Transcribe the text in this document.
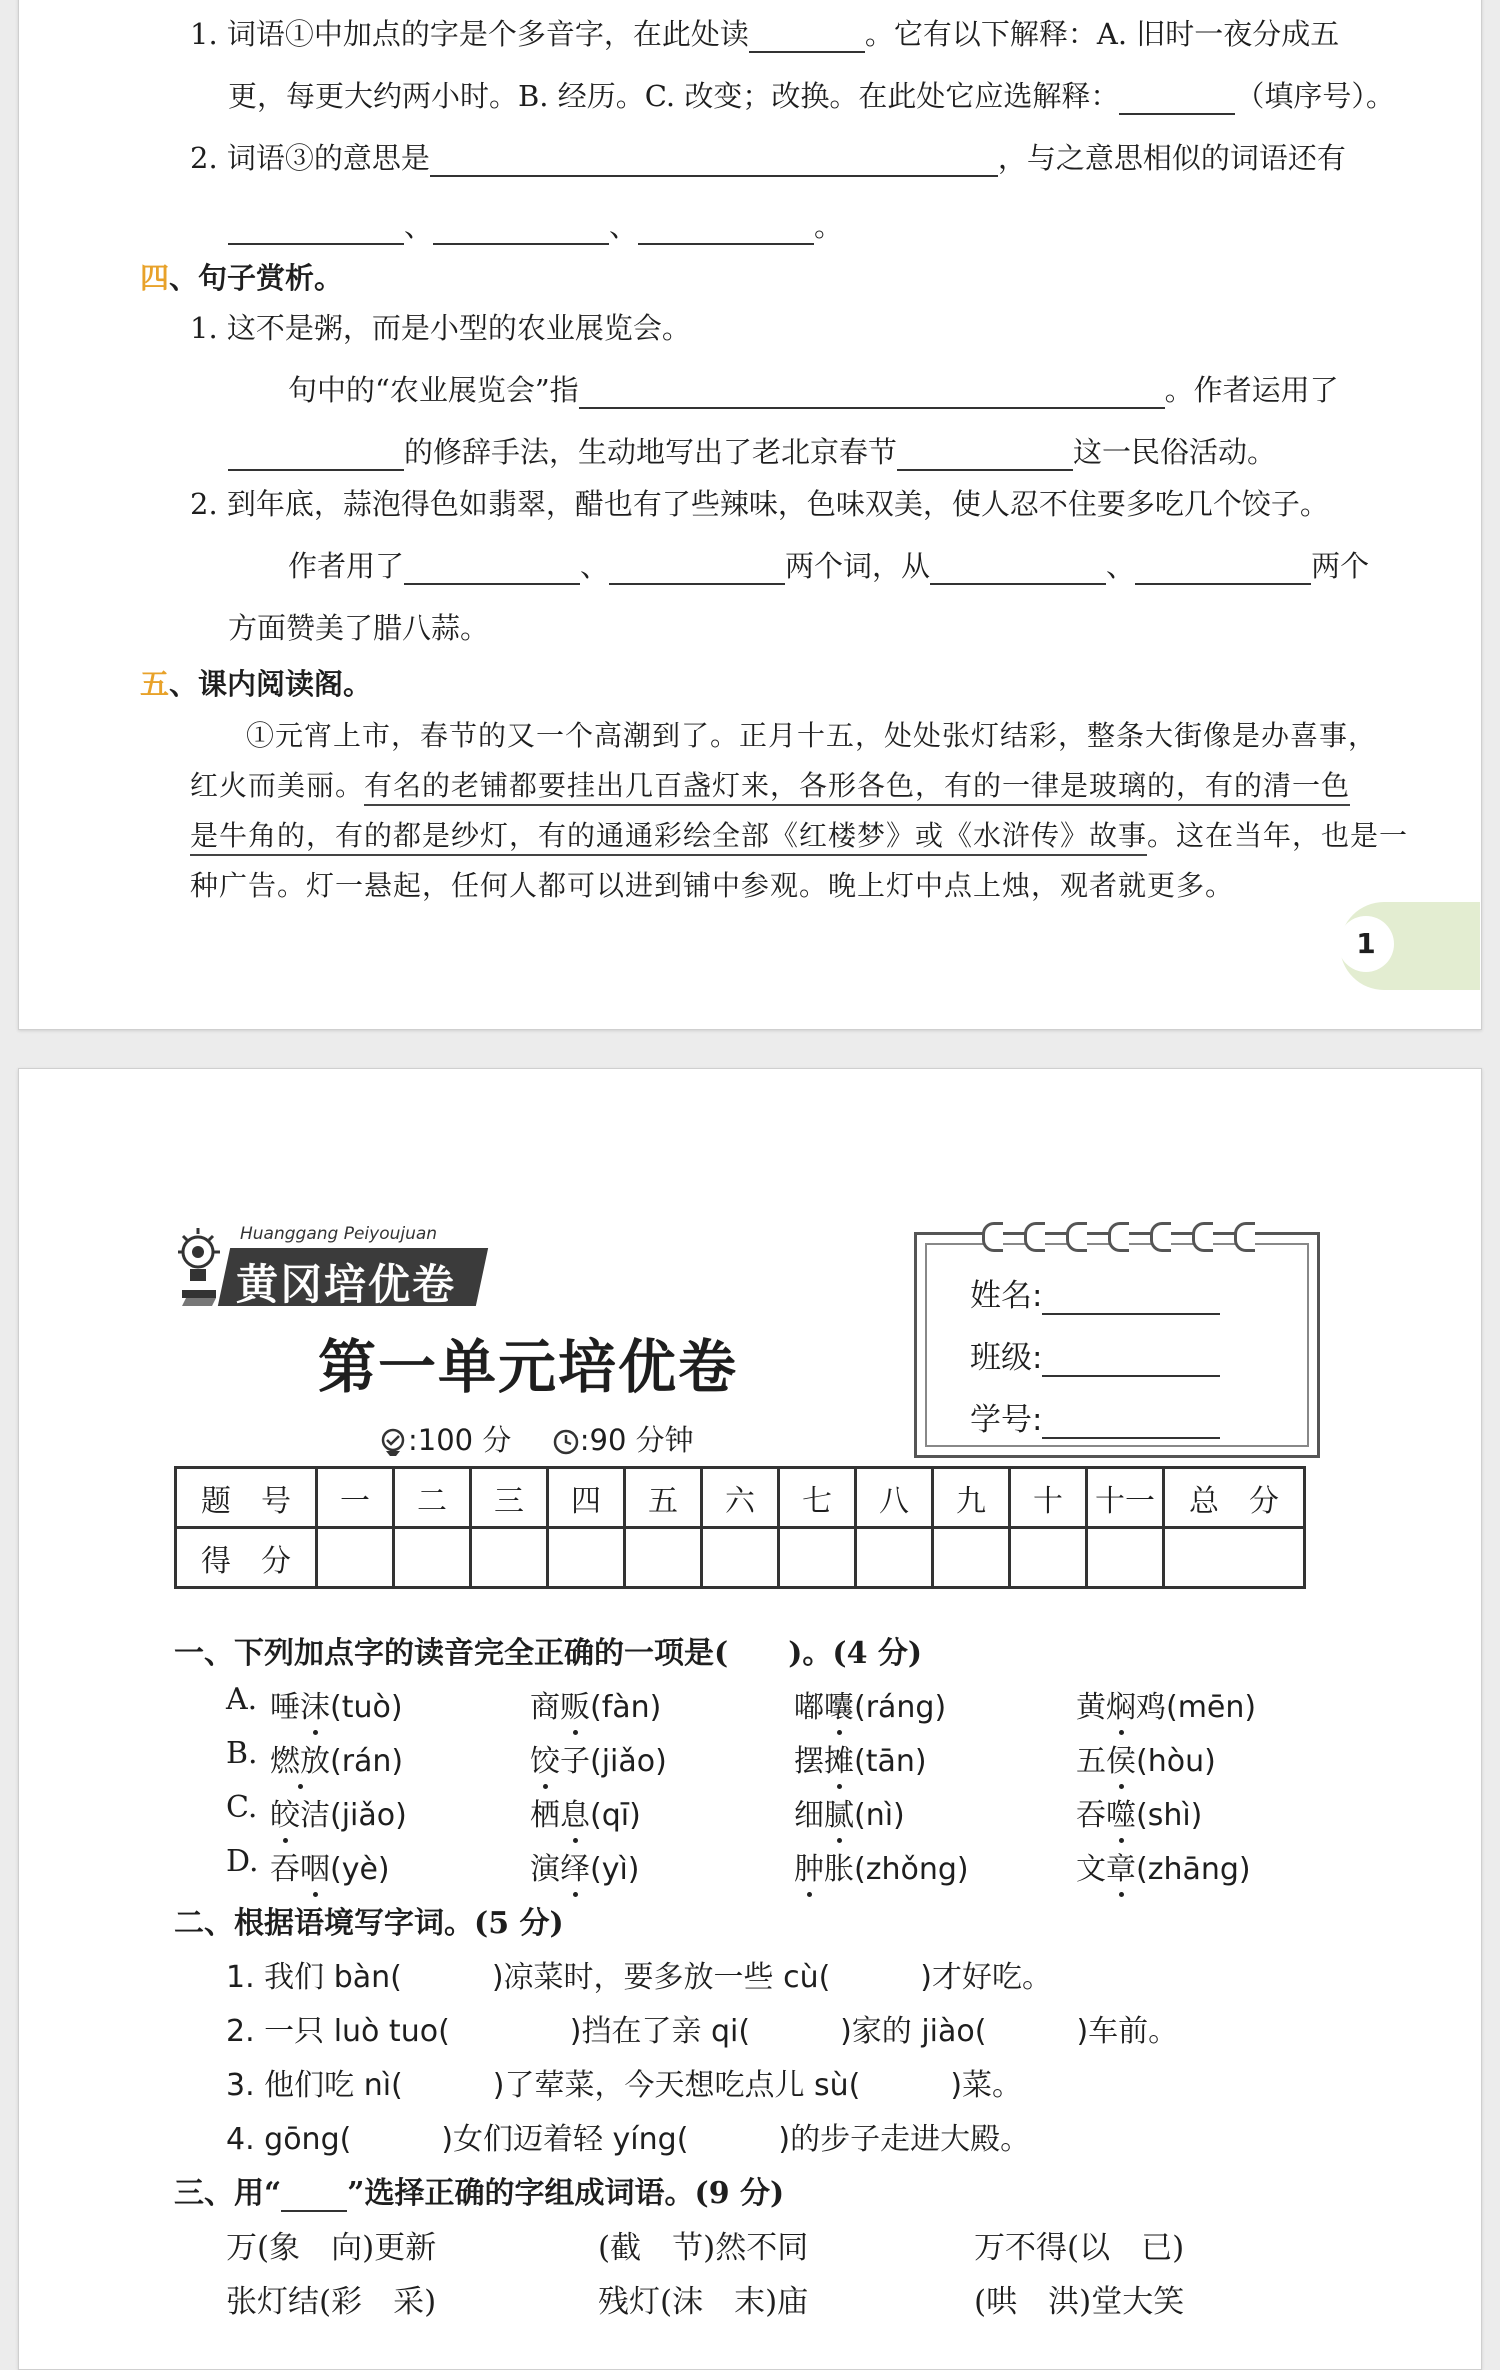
1. 词语①中加点的字是个多音字，在此处读	。它有以下解释：A. 旧时一夜分成五
更，每更大约两小时。B. 经历。C. 改变；改换。在此处它应选解释：	（填序号）。
2. 词语③的意思是	，与之意思相似的词语还有
、	、	。
四、句子赏析。
1. 这不是粥，而是小型的农业展览会。
句中的“农业展览会”指	。作者运用了
的修辞手法，生动地写出了老北京春节	这一民俗活动。
2. 到年底，蒜泡得色如翡翠，醋也有了些辣味，色味双美，使人忍不住要多吃几个饺子。
作者用了	、	两个词，从	、	两个
方面赞美了腊八蒜。
五、课内阅读阁。
①元宵上市，春节的又一个高潮到了。正月十五，处处张灯结彩，整条大街像是办喜事，
红火而美丽。有名的老铺都要挂出几百盏灯来，各形各色，有的一律是玻璃的，有的清一色
是牛角的，有的都是纱灯，有的通通彩绘全部《红楼梦》或《水浒传》故事。这在当年，也是一
种广告。灯一悬起，任何人都可以进到铺中参观。晚上灯中点上烛，观者就更多。
1
Huanggang Peiyoujuan
黄冈培优卷
第一单元培优卷
:100 分 :90 分钟
姓名:
班级:
学号:
题　号	一	二	三	四	五	六	七	八	九	十	十一	总　分
得　分												
一、下列加点字的读音完全正确的一项是(　　)。(4 分)
A. 唾沫(tuò)	商贩(fàn)	嘟囔(ráng)	黄焖鸡(mēn)
B. 燃放(rán)	饺子(jiǎo)	摆摊(tān)	五侯(hòu)
C. 皎洁(jiǎo)	栖息(qī)	细腻(nì)	吞噬(shì)
D. 吞咽(yè)	演绎(yì)	肿胀(zhǒng)	文章(zhāng)
二、根据语境写字词。(5 分)
1. 我们 bàn(　　　)凉菜时，要多放一些 cù(　　　)才好吃。
2. 一只 luò tuo(　　　　)挡在了亲 qi(　　　)家的 jiào(　　　)车前。
3. 他们吃 nì(　　　)了荤菜，今天想吃点儿 sù(　　　)菜。
4. gōng(　　　)女们迈着轻 yíng(　　　)的步子走进大殿。
三、用“ ”选择正确的字组成词语。(9 分)
万(象　向)更新	(截　节)然不同	万不得(以　已)
张灯结(彩　采)	残灯(沫　末)庙	(哄　洪)堂大笑
